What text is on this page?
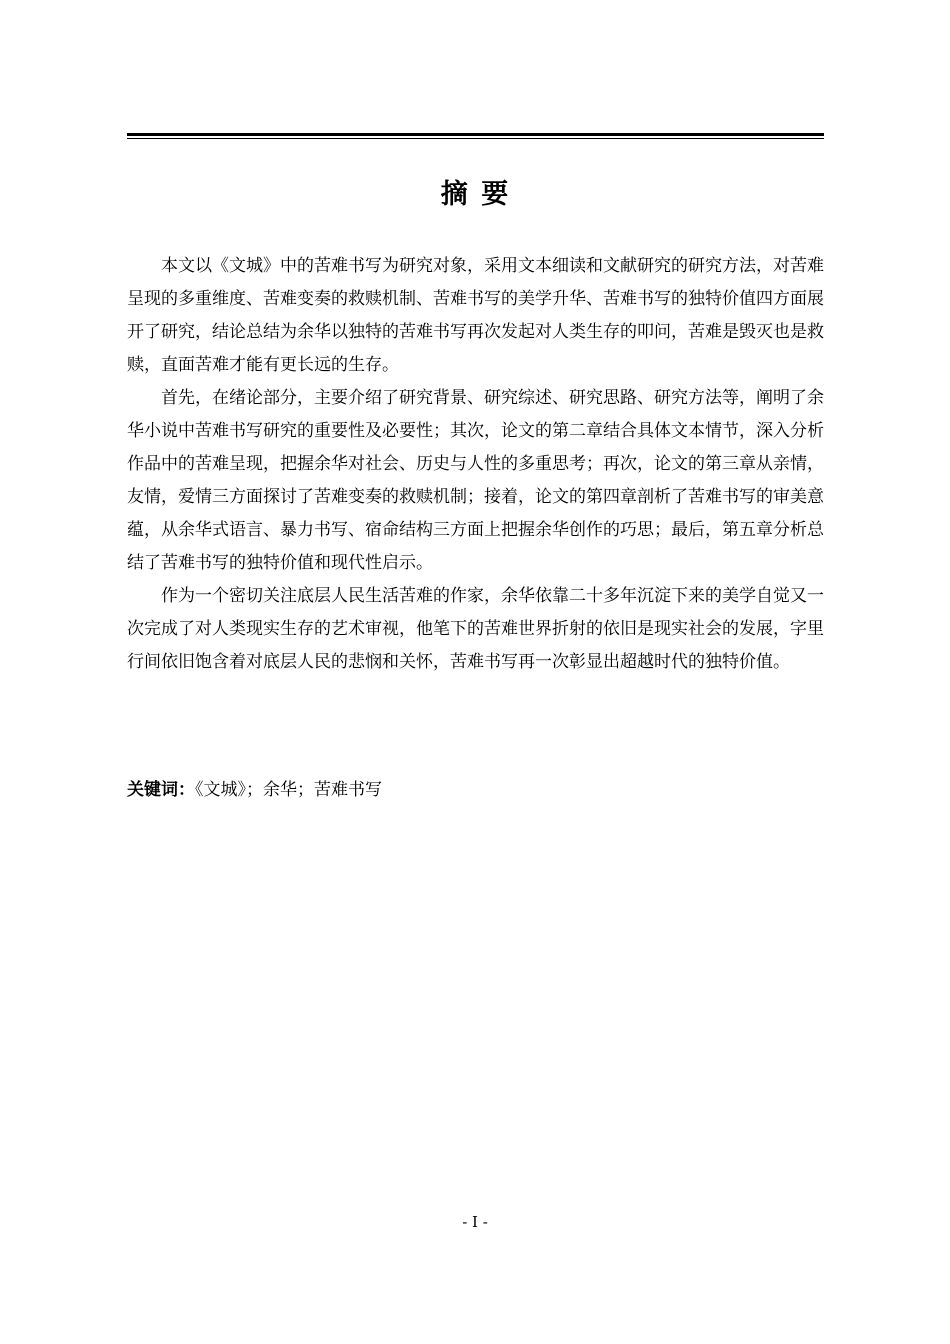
摘 要

本文以《文城》中的苦难书写为研究对象，采用文本细读和文献研究的研究方法，对苦难呈现的多重维度、苦难变奏的救赎机制、苦难书写的美学升华、苦难书写的独特价值四方面展开了研究，结论总结为余华以独特的苦难书写再次发起对人类生存的叩问，苦难是毁灭也是救赎，直面苦难才能有更长远的生存。

首先，在绪论部分，主要介绍了研究背景、研究综述、研究思路、研究方法等，阐明了余华小说中苦难书写研究的重要性及必要性；其次，论文的第二章结合具体文本情节，深入分析作品中的苦难呈现，把握余华对社会、历史与人性的多重思考；再次，论文的第三章从亲情，友情，爱情三方面探讨了苦难变奏的救赎机制；接着，论文的第四章剖析了苦难书写的审美意蕴，从余华式语言、暴力书写、宿命结构三方面上把握余华创作的巧思；最后，第五章分析总结了苦难书写的独特价值和现代性启示。

作为一个密切关注底层人民生活苦难的作家，余华依靠二十多年沉淀下来的美学自觉又一次完成了对人类现实生存的艺术审视，他笔下的苦难世界折射的依旧是现实社会的发展，字里行间依旧饱含着对底层人民的悲悯和关怀，苦难书写再一次彰显出超越时代的独特价值。

关键词：《文城》；余华；苦难书写
- I -
